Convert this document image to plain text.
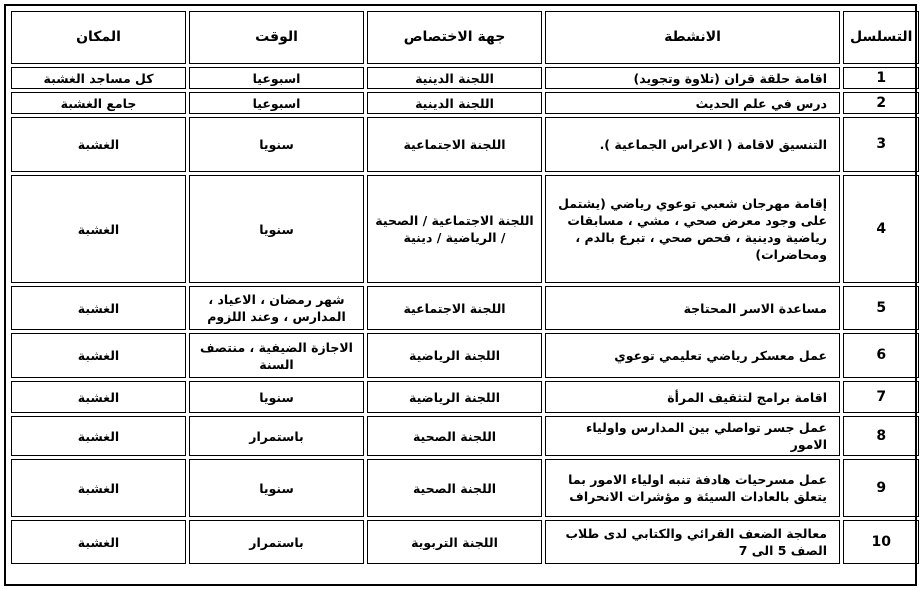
المكان	الوقت	جهة الاختصاص	الانشطة	التسلسل
كل مساجد الغشبة	اسبوعيا	اللجنة الدينية	اقامة حلقة قران (تلاوة وتجويد)	1
جامع الغشبة	اسبوعيا	اللجنة الدينية	درس في علم الحديث	2
الغشبة	سنويا	اللجنة الاجتماعية	التنسيق لاقامة ( الاعراس الجماعية ).	3
الغشبة	سنويا	اللجنة الاجتماعية / الصحية / الرياضية / دينية	إقامة مهرجان شعبي توعوي رياضي (يشتمل على وجود معرض صحي ، مشي ، مسابقات رياضية ودينية ، فحص صحي ، تبرع بالدم ، ومحاضرات)	4
الغشبة	شهر رمضان ، الاعياد ، المدارس ، وعند اللزوم	اللجنة الاجتماعية	مساعدة الاسر المحتاجة	5
الغشبة	الاجازة الضيفية ، منتصف السنة	اللجنة الرياضية	عمل معسكر رياضي تعليمي توعوي	6
الغشبة	سنويا	اللجنة الرياضية	اقامة برامج لتثقيف المرأة	7
الغشبة	باستمرار	اللجنة الصحية	عمل جسر تواصلي بين المدارس واولياء الامور	8
الغشبة	سنويا	اللجنة الصحية	عمل مسرحيات هادفة تنبه اولياء الامور بما يتعلق بالعادات السيئة و مؤشرات الانحراف	9
الغشبة	باستمرار	اللجنة التربوية	معالجة الضعف القرائي والكتابي لدى طلاب الصف 5 الى 7	10
